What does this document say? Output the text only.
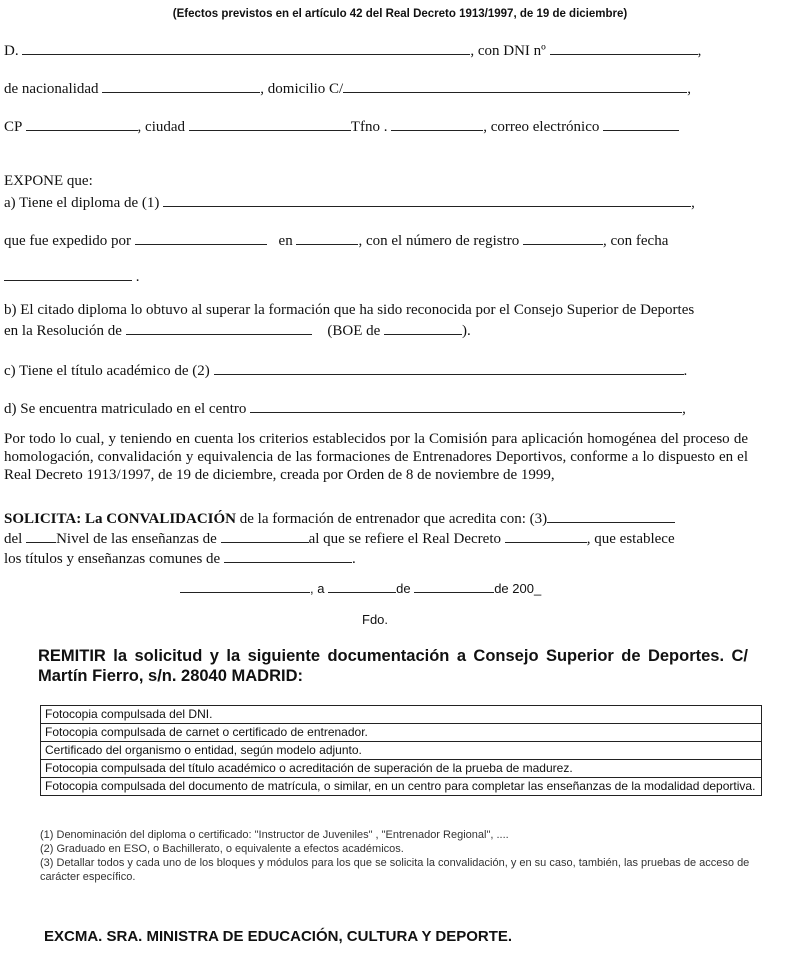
(Efectos previstos en el artículo 42 del Real Decreto 1913/1997, de 19 de diciembre)
D.	, con DNI nº	,
de nacionalidad	, domicilio C/	,
CP	, ciudad	Tfno .	, correo electrónico
EXPONE que:
a) Tiene el diploma de (1)	,
que fue expedido por	en	, con el número de registro	, con fecha
.
b) El citado diploma lo obtuvo al superar la formación que ha sido reconocida por el Consejo Superior de Deportes
en la Resolución de	(BOE de	).
c) Tiene el título académico de (2)	.
d) Se encuentra matriculado en el centro	,
Por todo lo cual, y teniendo en cuenta los criterios establecidos por la Comisión para aplicación homogénea del proceso de homologación, convalidación y equivalencia de las formaciones de Entrenadores Deportivos, conforme a lo dispuesto en el Real Decreto 1913/1997, de 19 de diciembre, creada por Orden de 8 de noviembre de 1999,
SOLICITA: La CONVALIDACIÓN de la formación de entrenador que acredita con: (3)
del Nivel de las enseñanzas de	al que se refiere el Real Decreto	, que establece
los títulos y enseñanzas comunes de	.
, a	de	de 200_
Fdo.
REMITIR la solicitud y la siguiente documentación a Consejo Superior de Deportes. C/ Martín Fierro, s/n. 28040 MADRID:
Fotocopia compulsada del DNI.
Fotocopia compulsada de carnet o certificado de entrenador.
Certificado del organismo o entidad, según modelo adjunto.
Fotocopia compulsada del título académico o acreditación de superación de la prueba de madurez.
Fotocopia compulsada del documento de matrícula, o similar, en un centro para completar las enseñanzas de la modalidad deportiva.
(1) Denominación del diploma o certificado: "Instructor de Juveniles" , "Entrenador Regional", ....
(2) Graduado en ESO, o Bachillerato, o equivalente a efectos académicos.
(3) Detallar todos y cada uno de los bloques y módulos para los que se solicita la convalidación, y en su caso, también, las pruebas de acceso de carácter específico.
EXCMA. SRA. MINISTRA DE EDUCACIÓN, CULTURA Y DEPORTE.
